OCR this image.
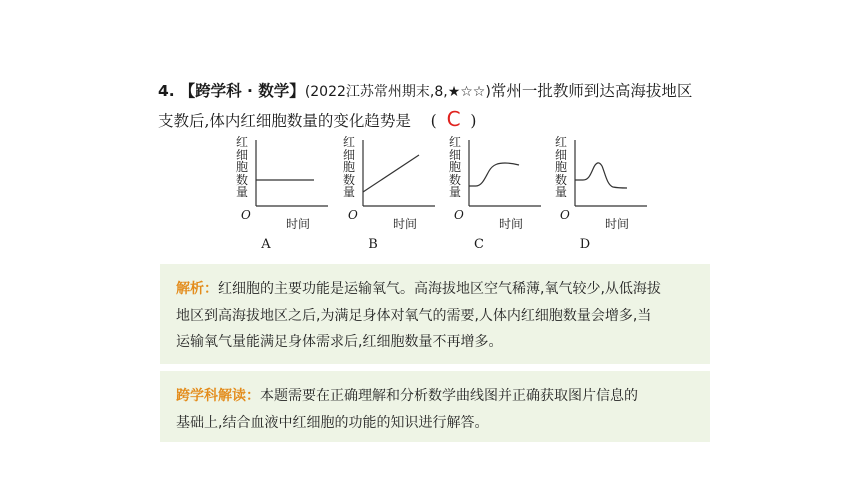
4. 【跨学科 · 数学】(2022江苏常州期末,8,★☆☆)常州一批教师到达高海拔地区
支教后,体内红细胞数量的变化趋势是 ( C )
红
细
胞
数
量
O
时间
A
红
细
胞
数
量
O
时间
B
红
细
胞
数
量
O
时间
C
红
细
胞
数
量
O
时间
D
解析：红细胞的主要功能是运输氧气。高海拔地区空气稀薄,氧气较少,从低海拔
地区到高海拔地区之后,为满足身体对氧气的需要,人体内红细胞数量会增多,当
运输氧气量能满足身体需求后,红细胞数量不再增多。
跨学科解读：本题需要在正确理解和分析数学曲线图并正确获取图片信息的
基础上,结合血液中红细胞的功能的知识进行解答。
